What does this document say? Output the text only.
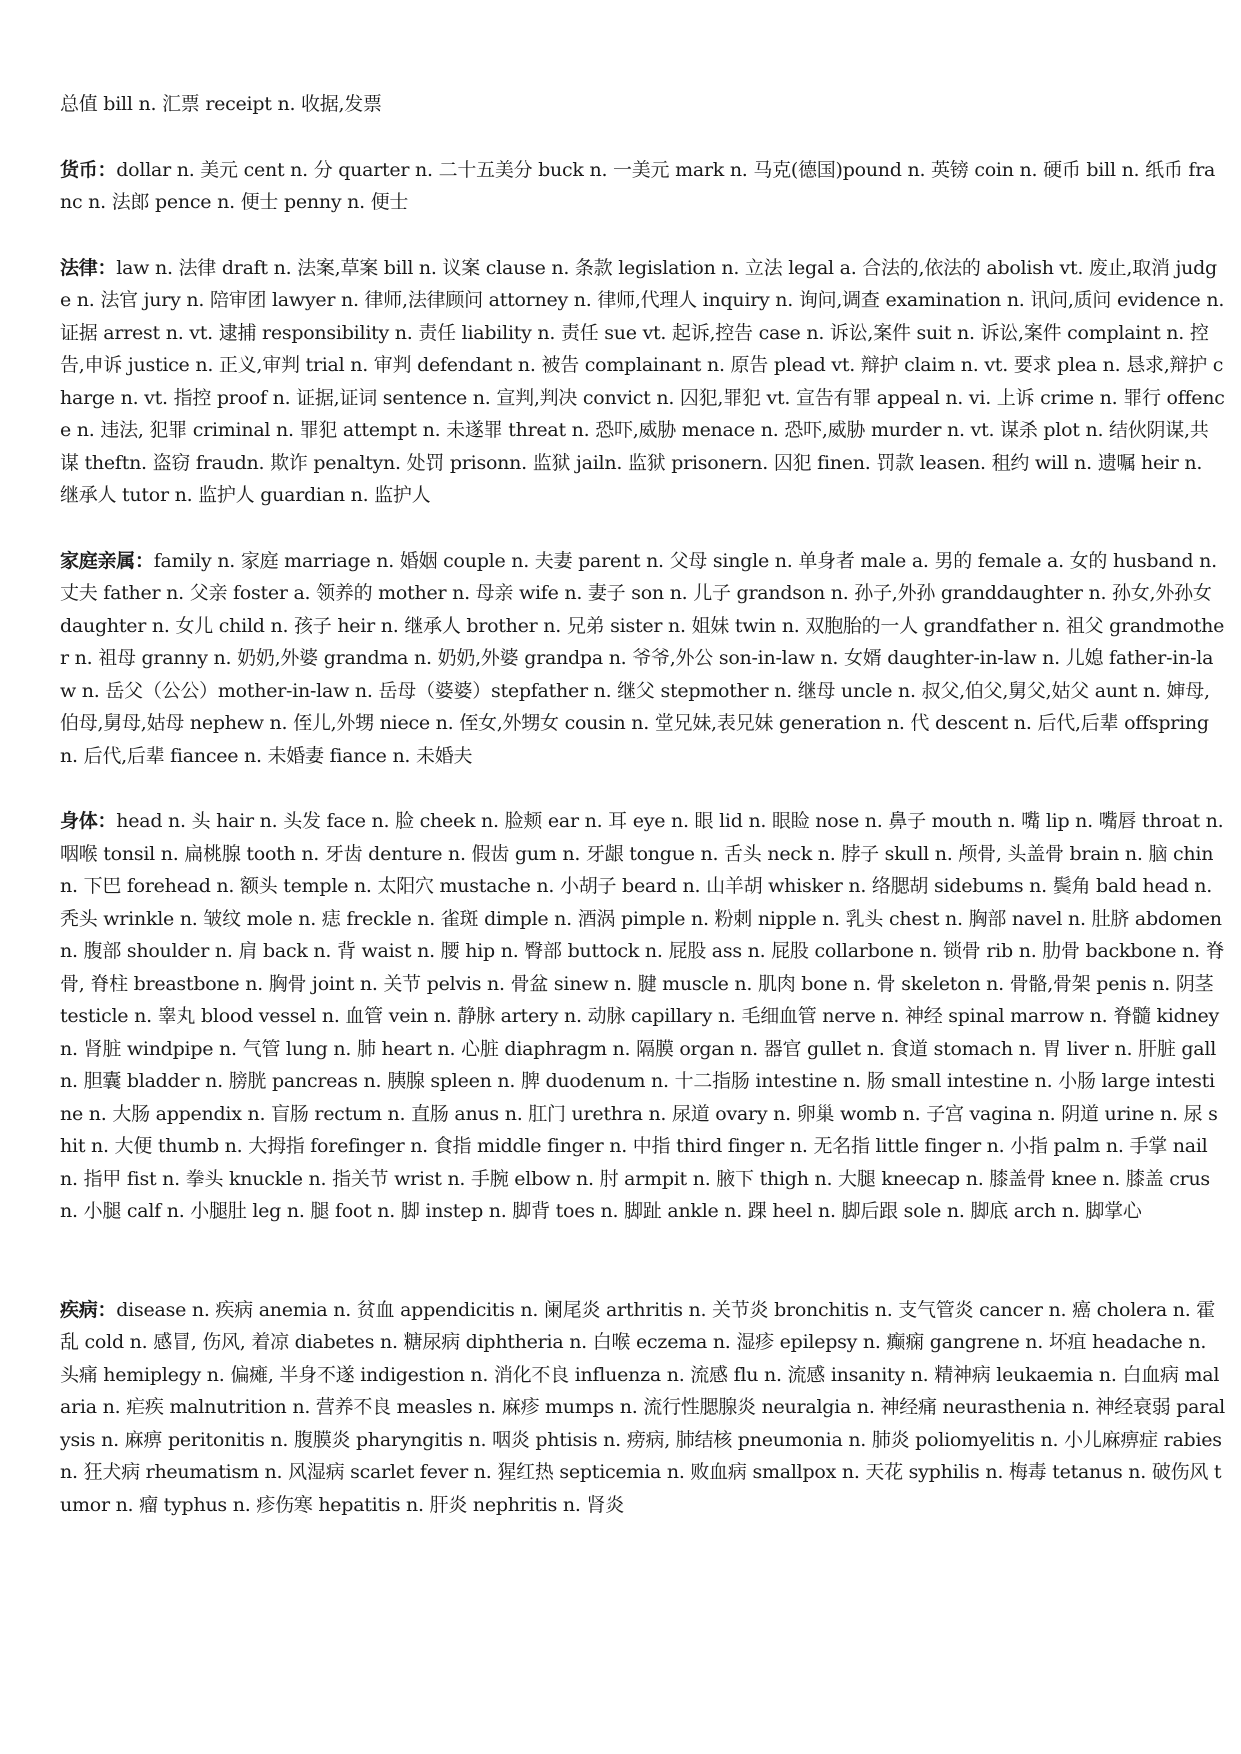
总值 bill n. 汇票 receipt n. 收据,发票

货币：dollar n. 美元 cent n. 分 quarter n. 二十五美分 buck n. 一美元 mark n. 马克(德国)pound n. 英镑 coin n. 硬币 bill n. 纸币 franc n. 法郎 pence n. 便士 penny n. 便士

法律：law n. 法律 draft n. 法案,草案 bill n. 议案 clause n. 条款 legislation n. 立法 legal a. 合法的,依法的 abolish vt. 废止,取消 judge n. 法官 jury n. 陪审团 lawyer n. 律师,法律顾问 attorney n. 律师,代理人 inquiry n. 询问,调查 examination n. 讯问,质问 evidence n. 证据 arrest n. vt. 逮捕 responsibility n. 责任 liability n. 责任 sue vt. 起诉,控告 case n. 诉讼,案件 suit n. 诉讼,案件 complaint n. 控告,申诉 justice n. 正义,审判 trial n. 审判 defendant n. 被告 complainant n. 原告 plead vt. 辩护 claim n. vt. 要求 plea n. 恳求,辩护 charge n. vt. 指控 proof n. 证据,证词 sentence n. 宣判,判决 convict n. 囚犯,罪犯 vt. 宣告有罪 appeal n. vi. 上诉 crime n. 罪行 offence n. 违法, 犯罪 criminal n. 罪犯 attempt n. 未遂罪 threat n. 恐吓,威胁 menace n. 恐吓,威胁 murder n. vt. 谋杀 plot n. 结伙阴谋,共谋 theftn. 盗窃 fraudn. 欺诈 penaltyn. 处罚 prisonn. 监狱 jailn. 监狱 prisonern. 囚犯 finen. 罚款 leasen. 租约 will n. 遗嘱 heir n. 继承人 tutor n. 监护人 guardian n. 监护人

家庭亲属：family n. 家庭 marriage n. 婚姻 couple n. 夫妻 parent n. 父母 single n. 单身者 male a. 男的 female a. 女的 husband n. 丈夫 father n. 父亲 foster a. 领养的 mother n. 母亲 wife n. 妻子 son n. 儿子 grandson n. 孙子,外孙 granddaughter n. 孙女,外孙女 daughter n. 女儿 child n. 孩子 heir n. 继承人 brother n. 兄弟 sister n. 姐妹 twin n. 双胞胎的一人 grandfather n. 祖父 grandmother n. 祖母 granny n. 奶奶,外婆 grandma n. 奶奶,外婆 grandpa n. 爷爷,外公 son-in-law n. 女婿 daughter-in-law n. 儿媳 father-in-law n. 岳父（公公）mother-in-law n. 岳母（婆婆）stepfather n. 继父 stepmother n. 继母 uncle n. 叔父,伯父,舅父,姑父 aunt n. 婶母,伯母,舅母,姑母 nephew n. 侄儿,外甥 niece n. 侄女,外甥女 cousin n. 堂兄妹,表兄妹 generation n. 代 descent n. 后代,后辈 offspring n. 后代,后辈 fiancee n. 未婚妻 fiance n. 未婚夫

身体：head n. 头 hair n. 头发 face n. 脸 cheek n. 脸颊 ear n. 耳 eye n. 眼 lid n. 眼睑 nose n. 鼻子 mouth n. 嘴 lip n. 嘴唇 throat n. 咽喉 tonsil n. 扁桃腺 tooth n. 牙齿 denture n. 假齿 gum n. 牙龈 tongue n. 舌头 neck n. 脖子 skull n. 颅骨, 头盖骨 brain n. 脑 chin n. 下巴 forehead n. 额头 temple n. 太阳穴 mustache n. 小胡子 beard n. 山羊胡 whisker n. 络腮胡 sidebums n. 鬓角 bald head n. 秃头 wrinkle n. 皱纹 mole n. 痣 freckle n. 雀斑 dimple n. 酒涡 pimple n. 粉刺 nipple n. 乳头 chest n. 胸部 navel n. 肚脐 abdomen n. 腹部 shoulder n. 肩 back n. 背 waist n. 腰 hip n. 臀部 buttock n. 屁股 ass n. 屁股 collarbone n. 锁骨 rib n. 肋骨 backbone n. 脊骨, 脊柱 breastbone n. 胸骨 joint n. 关节 pelvis n. 骨盆 sinew n. 腱 muscle n. 肌肉 bone n. 骨 skeleton n. 骨骼,骨架 penis n. 阴茎 testicle n. 睾丸 blood vessel n. 血管 vein n. 静脉 artery n. 动脉 capillary n. 毛细血管 nerve n. 神经 spinal marrow n. 脊髓 kidney n. 肾脏 windpipe n. 气管 lung n. 肺 heart n. 心脏 diaphragm n. 隔膜 organ n. 器官 gullet n. 食道 stomach n. 胃 liver n. 肝脏 gall n. 胆囊 bladder n. 膀胱 pancreas n. 胰腺 spleen n. 脾 duodenum n. 十二指肠 intestine n. 肠 small intestine n. 小肠 large intestine n. 大肠 appendix n. 盲肠 rectum n. 直肠 anus n. 肛门 urethra n. 尿道 ovary n. 卵巢 womb n. 子宫 vagina n. 阴道 urine n. 尿 shit n. 大便 thumb n. 大拇指 forefinger n. 食指 middle finger n. 中指 third finger n. 无名指 little finger n. 小指 palm n. 手掌 nail n. 指甲 fist n. 拳头 knuckle n. 指关节 wrist n. 手腕 elbow n. 肘 armpit n. 腋下 thigh n. 大腿 kneecap n. 膝盖骨 knee n. 膝盖 crus n. 小腿 calf n. 小腿肚 leg n. 腿 foot n. 脚 instep n. 脚背 toes n. 脚趾 ankle n. 踝 heel n. 脚后跟 sole n. 脚底 arch n. 脚掌心

疾病：disease n. 疾病 anemia n. 贫血 appendicitis n. 阑尾炎 arthritis n. 关节炎 bronchitis n. 支气管炎 cancer n. 癌 cholera n. 霍乱 cold n. 感冒, 伤风, 着凉 diabetes n. 糖尿病 diphtheria n. 白喉 eczema n. 湿疹 epilepsy n. 癫痫 gangrene n. 坏疽 headache n. 头痛 hemiplegy n. 偏瘫, 半身不遂 indigestion n. 消化不良 influenza n. 流感 flu n. 流感 insanity n. 精神病 leukaemia n. 白血病 malaria n. 疟疾 malnutrition n. 营养不良 measles n. 麻疹 mumps n. 流行性腮腺炎 neuralgia n. 神经痛 neurasthenia n. 神经衰弱 paralysis n. 麻痹 peritonitis n. 腹膜炎 pharyngitis n. 咽炎 phtisis n. 痨病, 肺结核 pneumonia n. 肺炎 poliomyelitis n. 小儿麻痹症 rabies n. 狂犬病 rheumatism n. 风湿病 scarlet fever n. 猩红热 septicemia n. 败血病 smallpox n. 天花 syphilis n. 梅毒 tetanus n. 破伤风 tumor n. 瘤 typhus n. 疹伤寒 hepatitis n. 肝炎 nephritis n. 肾炎
